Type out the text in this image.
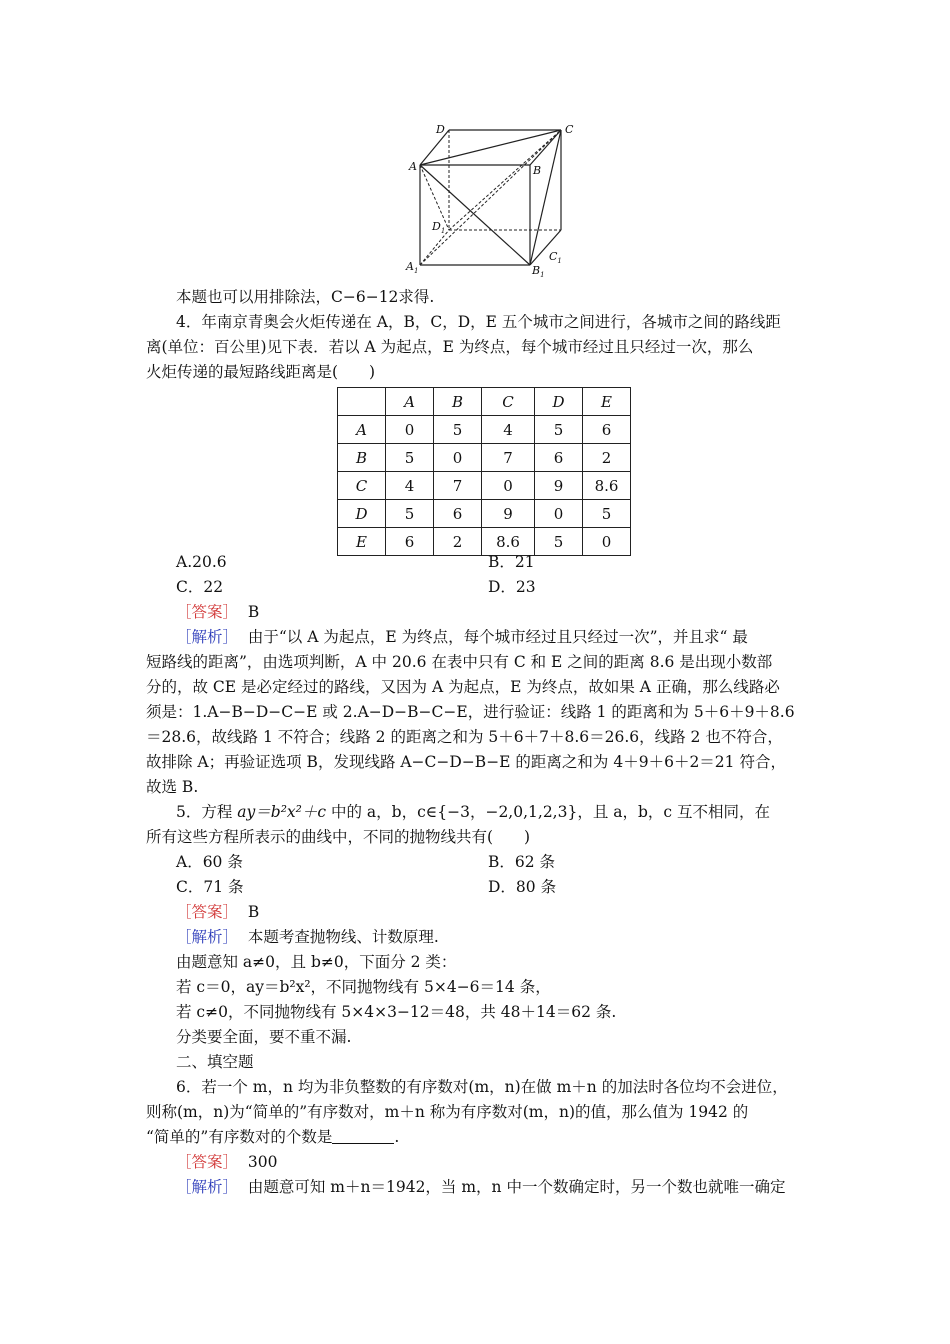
D	C
A	B
$D_1$
$C_1$
$A_1$	$B_1$
本题也可以用排除法，C−6−12求得.
4．年南京青奥会火炬传递在 A，B，C，D，E 五个城市之间进行，各城市之间的路线距
离(单位：百公里)见下表．若以 A 为起点，E 为终点，每个城市经过且只经过一次，那么
火炬传递的最短路线距离是(　　)
	A	B	C	D	E
A	0	5	4	5	6
B	5	0	7	6	2
C	4	7	0	9	8.6
D	5	6	9	0	5
E	6	2	8.6	5	0
A.20.6	B．21
C．22	D．23
［答案］ B
［解析］ 由于“以 A 为起点，E 为终点，每个城市经过且只经过一次”，并且求“ 最
短路线的距离”，由选项判断，A 中 20.6 在表中只有 C 和 E 之间的距离 8.6 是出现小数部
分的，故 CE 是必定经过的路线，又因为 A 为起点，E 为终点，故如果 A 正确，那么线路必
须是：1.A−B−D−C−E 或 2.A−D−B−C−E，进行验证：线路 1 的距离和为 5＋6＋9＋8.6
＝28.6，故线路 1 不符合；线路 2 的距离之和为 5＋6＋7＋8.6＝26.6，线路 2 也不符合，
故排除 A；再验证选项 B，发现线路 A−C−D−B−E 的距离之和为 4＋9＋6＋2＝21 符合，
故选 B.
5．方程 ay＝b²x²＋c 中的 a，b，c∈{−3，−2,0,1,2,3}，且 a，b，c 互不相同，在
所有这些方程所表示的曲线中，不同的抛物线共有(　　)
A．60 条	B．62 条
C．71 条	D．80 条
［答案］ B
［解析］ 本题考查抛物线、计数原理.
由题意知 a≠0，且 b≠0，下面分 2 类：
若 c＝0，ay＝b²x²，不同抛物线有 5×4−6＝14 条，
若 c≠0，不同抛物线有 5×4×3−12＝48，共 48＋14＝62 条.
分类要全面，要不重不漏.
二、填空题
6．若一个 m，n 均为非负整数的有序数对(m，n)在做 m＋n 的加法时各位均不会进位，
则称(m，n)为“简单的”有序数对，m＋n 称为有序数对(m，n)的值，那么值为 1942 的
“简单的”有序数对的个数是	.
［答案］ 300
［解析］ 由题意可知 m＋n＝1942，当 m，n 中一个数确定时，另一个数也就唯一确定
